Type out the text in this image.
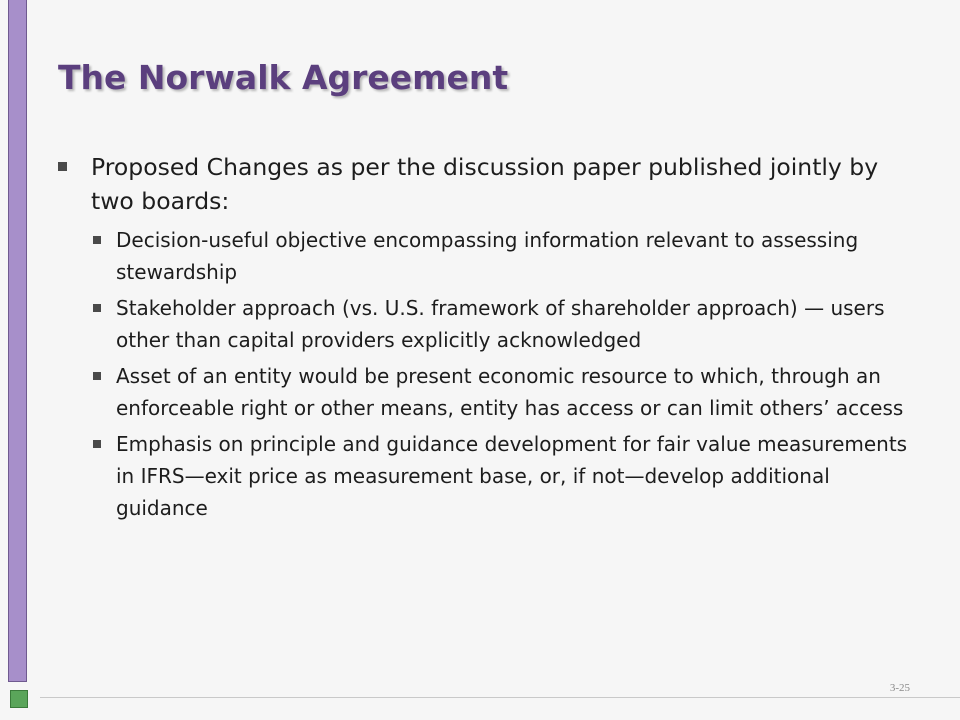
The Norwalk Agreement
Proposed Changes as per the discussion paper published jointly by two boards:
Decision-useful objective encompassing information relevant to assessing stewardship
Stakeholder approach (vs. U.S. framework of shareholder approach) — users other than capital providers explicitly acknowledged
Asset of an entity would be present economic resource to which, through an enforceable right or other means, entity has access or can limit others’ access
Emphasis on principle and guidance development for fair value measurements in IFRS—exit price as measurement base, or, if not—develop additional guidance
3-25
